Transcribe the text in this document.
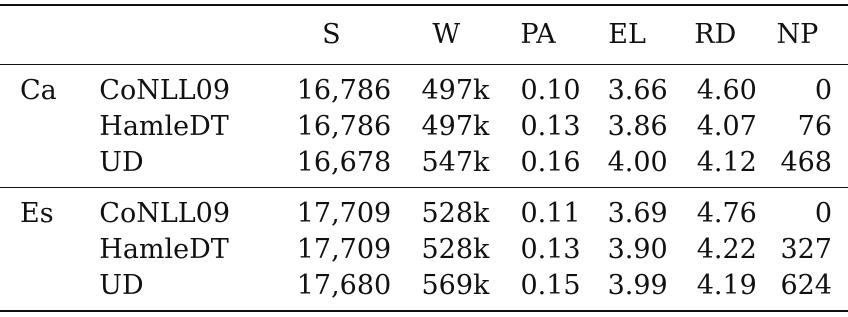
		S	W	PA	EL	RD	NP
Ca	CoNLL09	16,786	497k	0.10	3.66	4.60	0
	HamleDT	16,786	497k	0.13	3.86	4.07	76
	UD	16,678	547k	0.16	4.00	4.12	468
Es	CoNLL09	17,709	528k	0.11	3.69	4.76	0
	HamleDT	17,709	528k	0.13	3.90	4.22	327
	UD	17,680	569k	0.15	3.99	4.19	624
